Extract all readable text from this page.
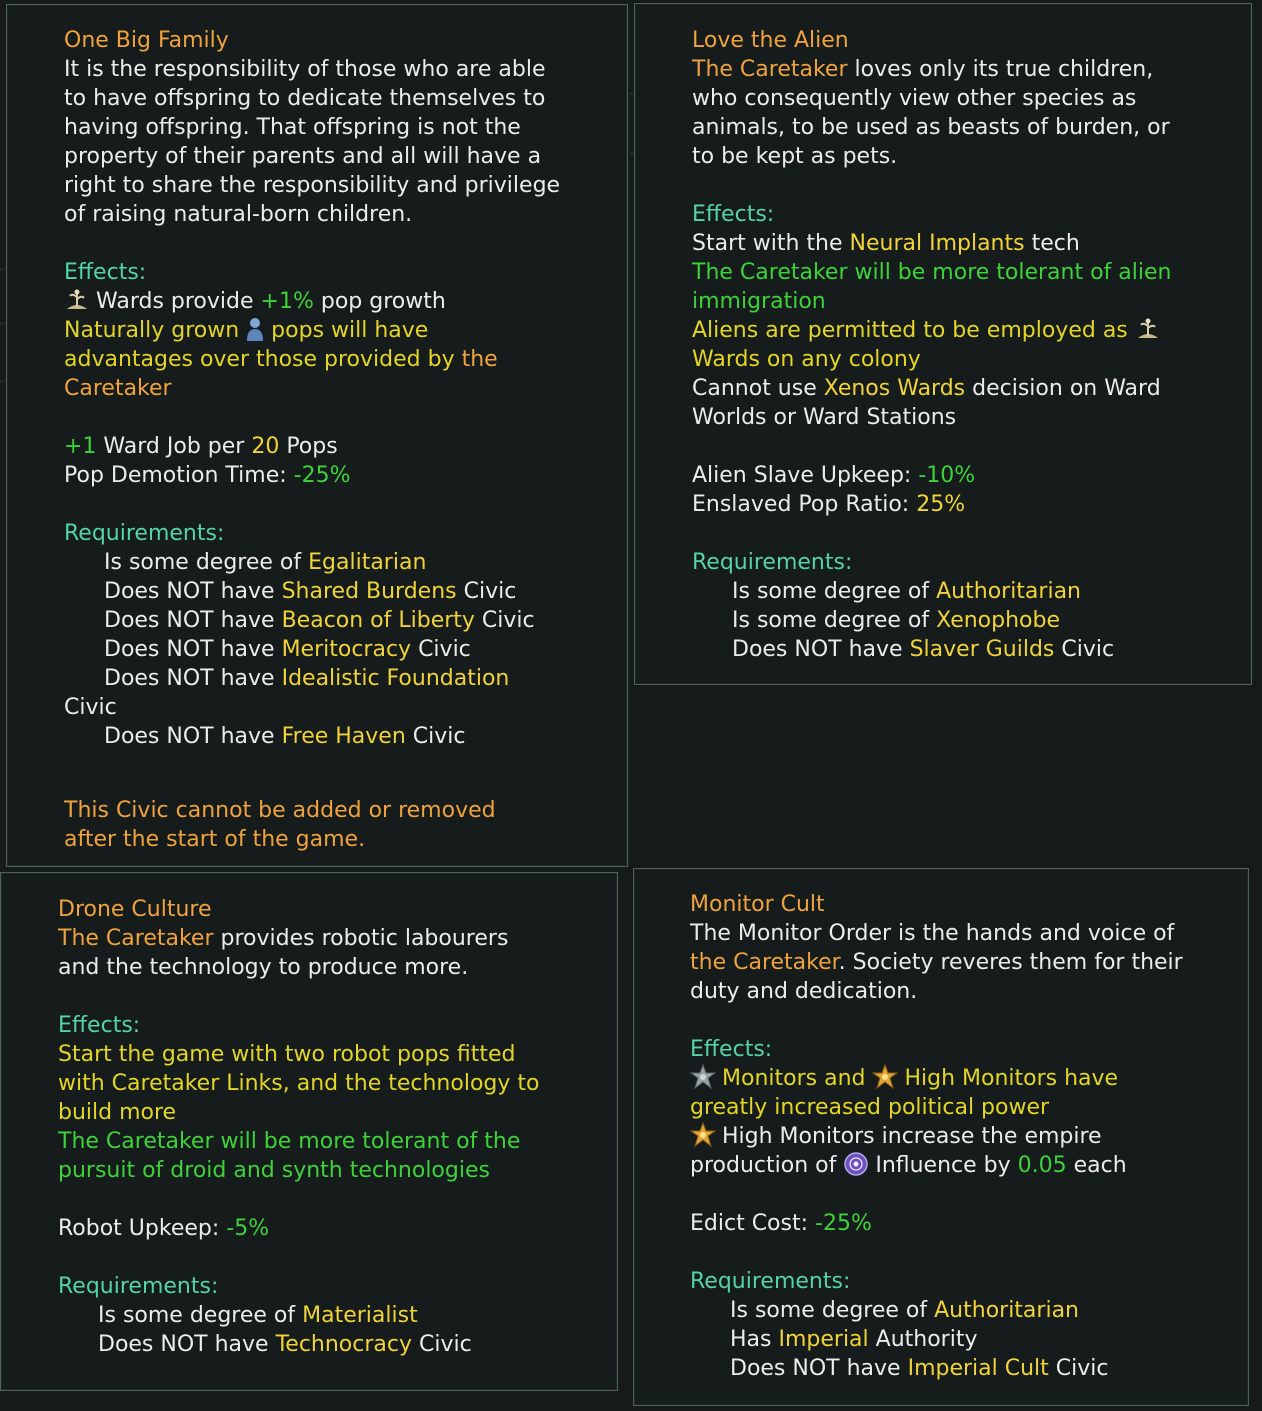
One Big Family
It is the responsibility of those who are able
to have offspring to dedicate themselves to
having offspring. That offspring is not the
property of their parents and all will have a
right to share the responsibility and privilege
of raising natural-born children.
Effects:
Wards provide +1% pop growth
Naturally grown  pops will have
advantages over those provided by the
Caretaker
+1 Ward Job per 20 Pops
Pop Demotion Time: -25%
Requirements:
Is some degree of Egalitarian
Does NOT have Shared Burdens Civic
Does NOT have Beacon of Liberty Civic
Does NOT have Meritocracy Civic
Does NOT have Idealistic Foundation
Civic
Does NOT have Free Haven Civic
This Civic cannot be added or removed
after the start of the game.
Love the Alien
The Caretaker loves only its true children,
who consequently view other species as
animals, to be used as beasts of burden, or
to be kept as pets.
Effects:
Start with the Neural Implants tech
The Caretaker will be more tolerant of alien
immigration
Aliens are permitted to be employed as
Wards on any colony
Cannot use Xenos Wards decision on Ward
Worlds or Ward Stations
Alien Slave Upkeep: -10%
Enslaved Pop Ratio: 25%
Requirements:
Is some degree of Authoritarian
Is some degree of Xenophobe
Does NOT have Slaver Guilds Civic
Drone Culture
The Caretaker provides robotic labourers
and the technology to produce more.
Effects:
Start the game with two robot pops fitted
with Caretaker Links, and the technology to
build more
The Caretaker will be more tolerant of the
pursuit of droid and synth technologies
Robot Upkeep: -5%
Requirements:
Is some degree of Materialist
Does NOT have Technocracy Civic
Monitor Cult
The Monitor Order is the hands and voice of
the Caretaker. Society reveres them for their
duty and dedication.
Effects:
Monitors and High Monitors have
greatly increased political power
High Monitors increase the empire
production of Influence by 0.05 each
Edict Cost: -25%
Requirements:
Is some degree of Authoritarian
Has Imperial Authority
Does NOT have Imperial Cult Civic
